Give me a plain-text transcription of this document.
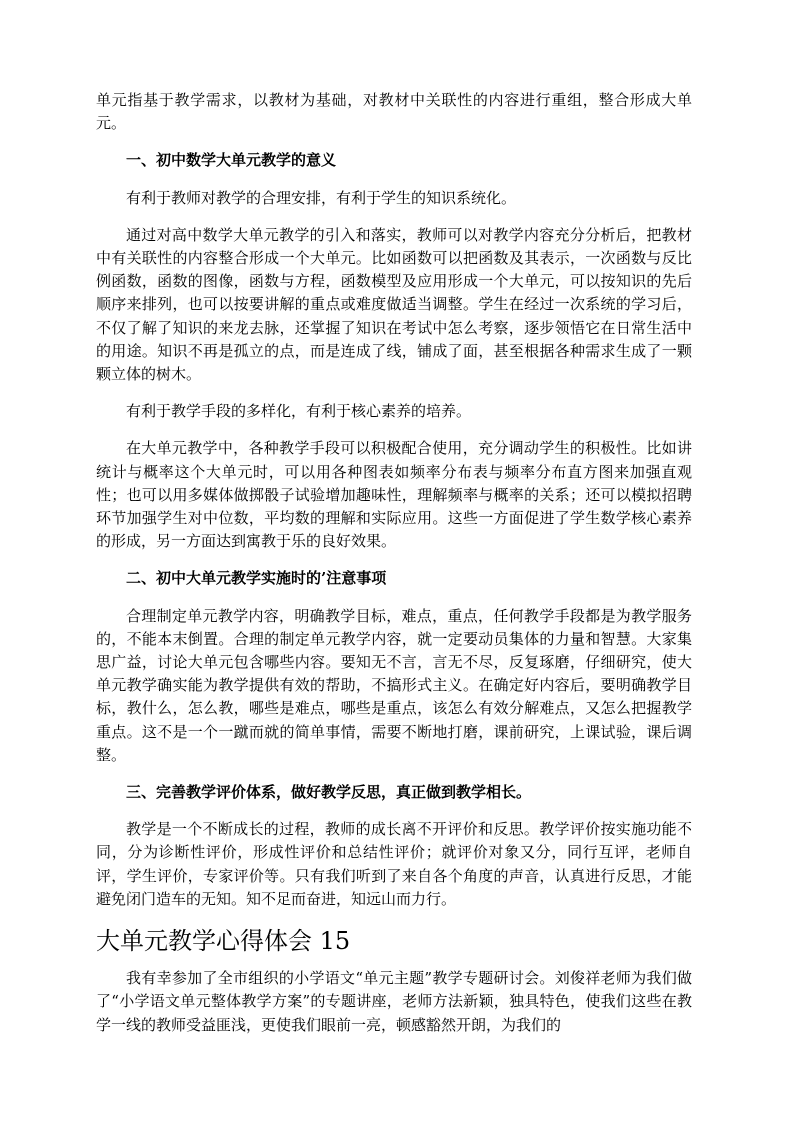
单元指基于教学需求，以教材为基础，对教材中关联性的内容进行重组，整合形成大单元。

一、初中数学大单元教学的意义

有利于教师对教学的合理安排，有利于学生的知识系统化。

通过对高中数学大单元教学的引入和落实，教师可以对教学内容充分分析后，把教材中有关联性的内容整合形成一个大单元。比如函数可以把函数及其表示，一次函数与反比例函数，函数的图像，函数与方程，函数模型及应用形成一个大单元，可以按知识的先后顺序来排列，也可以按要讲解的重点或难度做适当调整。学生在经过一次系统的学习后，不仅了解了知识的来龙去脉，还掌握了知识在考试中怎么考察，逐步领悟它在日常生活中的用途。知识不再是孤立的点，而是连成了线，铺成了面，甚至根据各种需求生成了一颗颗立体的树木。

有利于教学手段的多样化，有利于核心素养的培养。

在大单元教学中，各种教学手段可以积极配合使用，充分调动学生的积极性。比如讲统计与概率这个大单元时，可以用各种图表如频率分布表与频率分布直方图来加强直观性；也可以用多媒体做掷骰子试验增加趣味性，理解频率与概率的关系；还可以模拟招聘环节加强学生对中位数，平均数的理解和实际应用。这些一方面促进了学生数学核心素养的形成，另一方面达到寓教于乐的良好效果。

二、初中大单元教学实施时的’注意事项

合理制定单元教学内容，明确教学目标，难点，重点，任何教学手段都是为教学服务的，不能本末倒置。合理的制定单元教学内容，就一定要动员集体的力量和智慧。大家集思广益，讨论大单元包含哪些内容。要知无不言，言无不尽，反复琢磨，仔细研究，使大单元教学确实能为教学提供有效的帮助，不搞形式主义。在确定好内容后，要明确教学目标，教什么，怎么教，哪些是难点，哪些是重点，该怎么有效分解难点，又怎么把握教学重点。这不是一个一蹴而就的简单事情，需要不断地打磨，课前研究，上课试验，课后调整。

三、完善教学评价体系，做好教学反思，真正做到教学相长。

教学是一个不断成长的过程，教师的成长离不开评价和反思。教学评价按实施功能不同，分为诊断性评价，形成性评价和总结性评价；就评价对象又分，同行互评，老师自评，学生评价，专家评价等。只有我们听到了来自各个角度的声音，认真进行反思，才能避免闭门造车的无知。知不足而奋进，知远山而力行。

大单元教学心得体会 15

我有幸参加了全市组织的小学语文“单元主题”教学专题研讨会。刘俊祥老师为我们做了“小学语文单元整体教学方案”的专题讲座，老师方法新颖，独具特色，使我们这些在教学一线的教师受益匪浅，更使我们眼前一亮，顿感豁然开朗，为我们的
